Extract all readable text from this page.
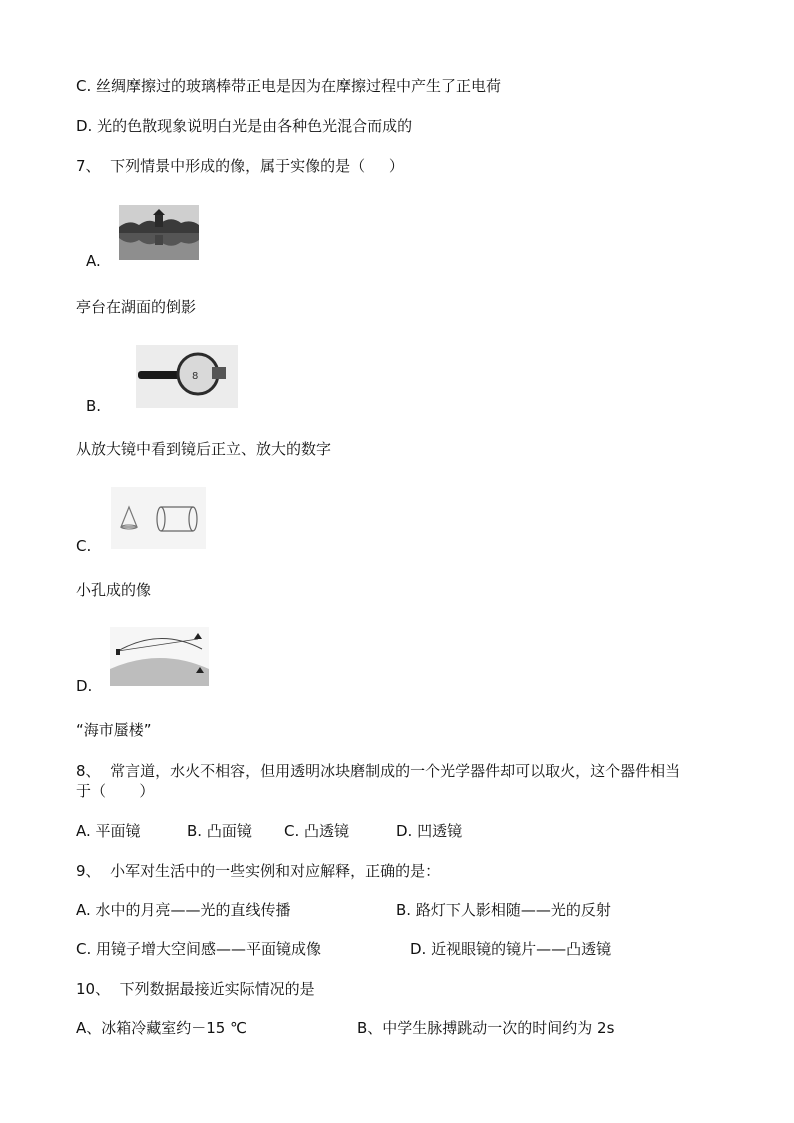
C. 丝绸摩擦过的玻璃棒带正电是因为在摩擦过程中产生了正电荷
D. 光的色散现象说明白光是由各种色光混合而成的
7、  下列情景中形成的像，属于实像的是（     ）
A.
亭台在湖面的倒影
8
B.
从放大镜中看到镜后正立、放大的数字
C.
小孔成的像
D.
“海市蜃楼”
8、  常言道，水火不相容，但用透明冰块磨制成的一个光学器件却可以取火，这个器件相当
于（       ）
A. 平面镜	B. 凸面镜 C. 凸透镜	D. 凹透镜
9、  小军对生活中的一些实例和对应解释，正确的是：
A. 水中的月亮——光的直线传播	B. 路灯下人影相随——光的反射
C. 用镜子增大空间感——平面镜成像	D. 近视眼镜的镜片——凸透镜
10、  下列数据最接近实际情况的是
A、冰箱冷藏室约－15 ℃	B、中学生脉搏跳动一次的时间约为 2s
